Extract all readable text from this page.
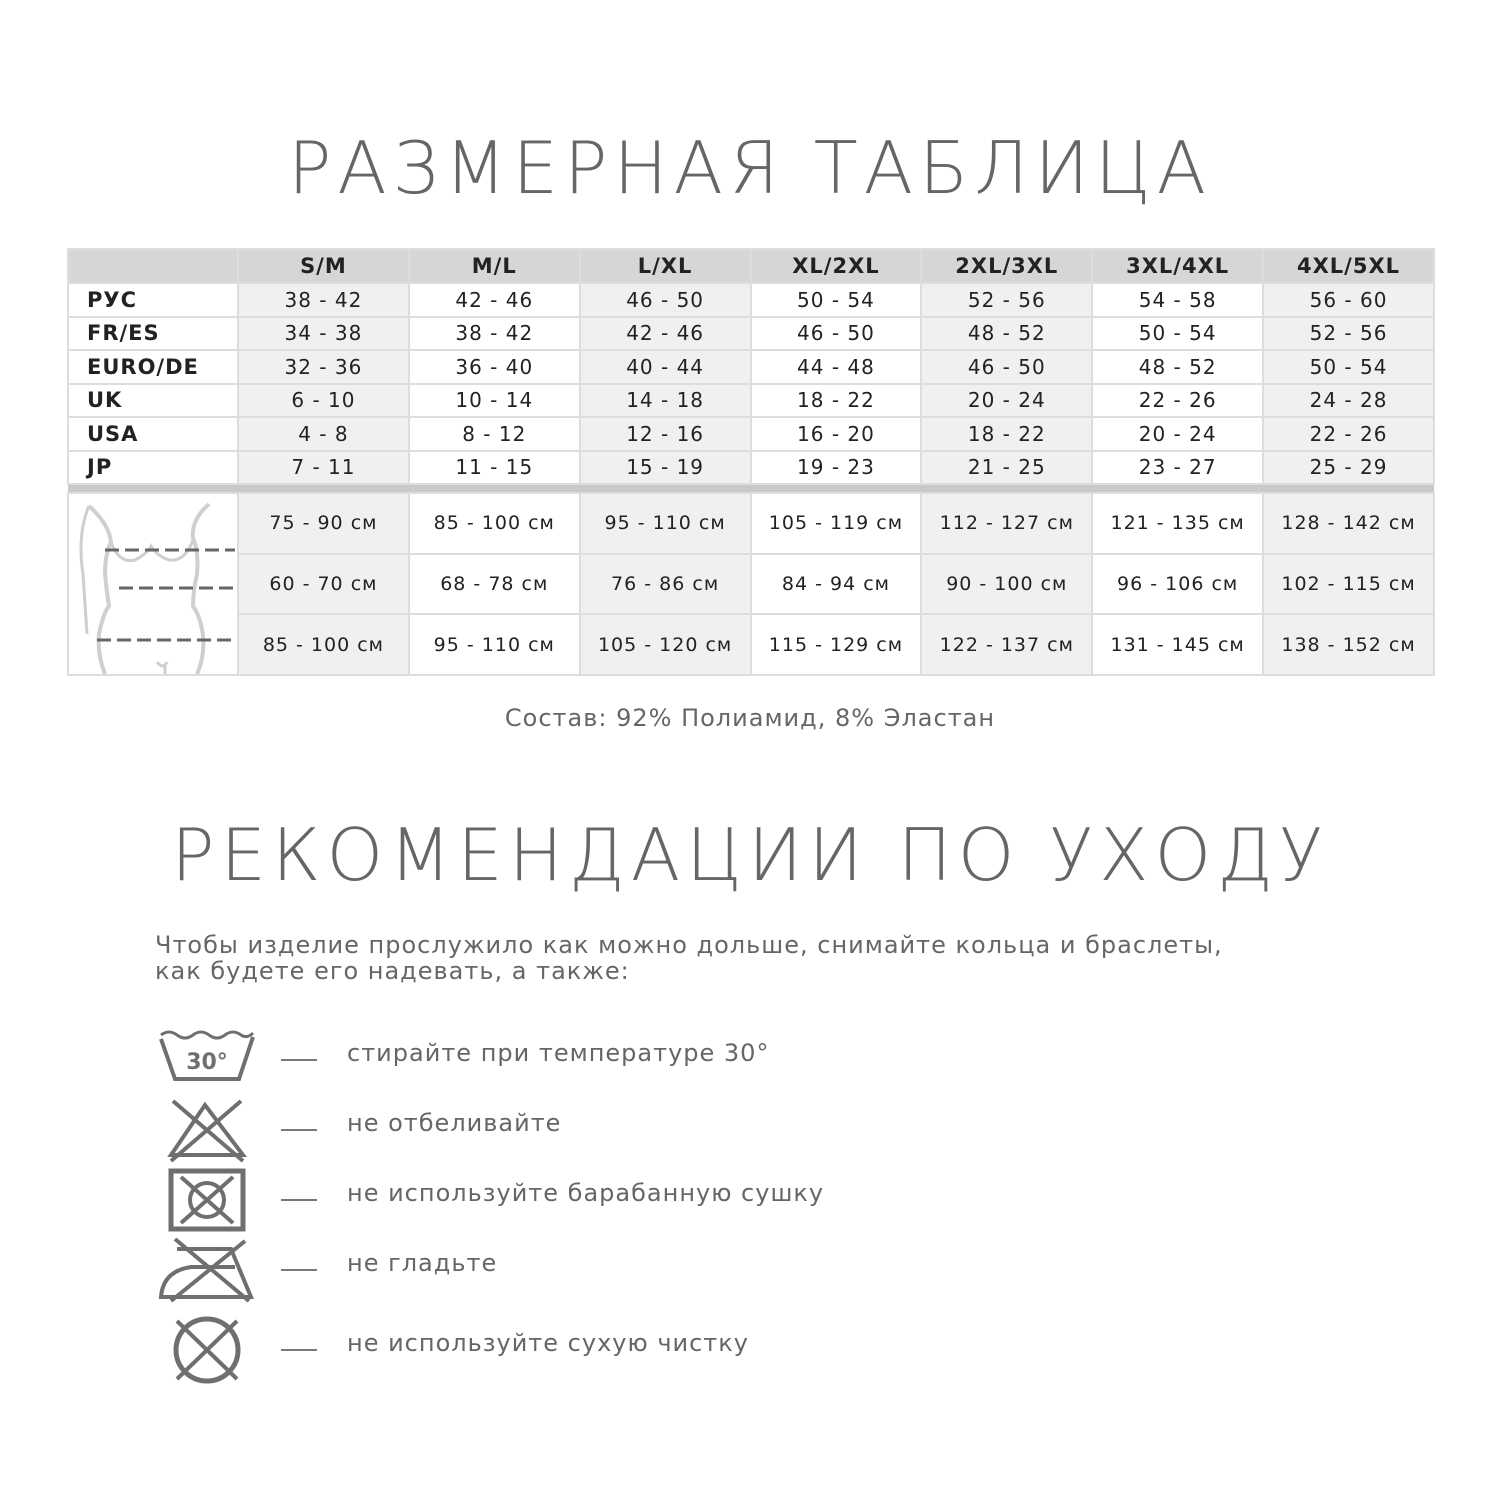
РАЗМЕРНАЯ ТАБЛИЦА
	S/M	M/L	L/XL	XL/2XL	2XL/3XL	3XL/4XL	4XL/5XL
РУС	38 - 42	42 - 46	46 - 50	50 - 54	52 - 56	54 - 58	56 - 60
FR/ES	34 - 38	38 - 42	42 - 46	46 - 50	48 - 52	50 - 54	52 - 56
EURO/DE	32 - 36	36 - 40	40 - 44	44 - 48	46 - 50	48 - 52	50 - 54
UK	6 - 10	10 - 14	14 - 18	18 - 22	20 - 24	22 - 26	24 - 28
USA	4 - 8	8 - 12	12 - 16	16 - 20	18 - 22	20 - 24	22 - 26
JP	7 - 11	11 - 15	15 - 19	19 - 23	21 - 25	23 - 27	25 - 29

	75 - 90 см	85 - 100 см	95 - 110 см	105 - 119 см	112 - 127 см	121 - 135 см	128 - 142 см
	60 - 70 см	68 - 78 см	76 - 86 см	84 - 94 см	90 - 100 см	96 - 106 см	102 - 115 см
	85 - 100 см	95 - 110 см	105 - 120 см	115 - 129 см	122 - 137 см	131 - 145 см	138 - 152 см
Состав: 92% Полиамид, 8% Эластан
РЕКОМЕНДАЦИИ ПО УХОДУ
Чтобы изделие прослужило как можно дольше, снимайте кольца и браслеты,
как будете его надевать, а также:
30°	стирайте при температуре 30°
не отбеливайте
не используйте барабанную сушку
не гладьте
не используйте сухую чистку
